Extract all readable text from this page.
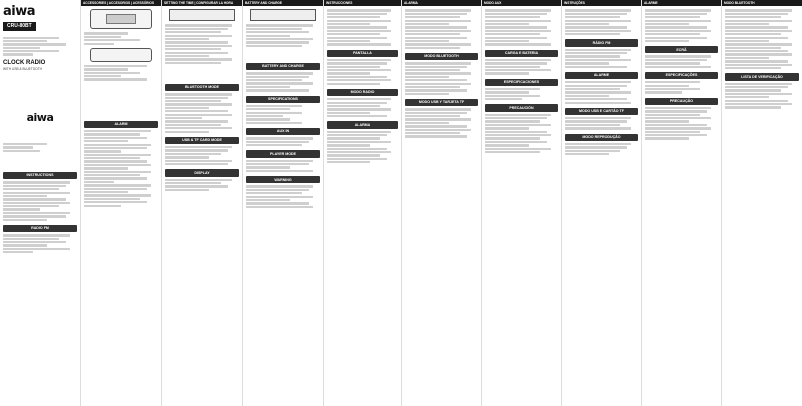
aiwa
CRU-80BT
CLOCK RADIO
WITH USB & BLUETOOTH
aiwa
INSTRUCTIONS
RADIO FM
ACCESSORIES | ACCESORIOS | ACESSÓRIOS
ALARM
SETTING THE TIME | CONFIGURAR LA HORA
BLUETOOTH MODE
USB & TF CARD MODE
DISPLAY
BATTERY AND CHARGE
BATTERY AND CHARGE
SPECIFICATIONS
AUX IN
PLAYER MODE
WARNING
INSTRUCCIONES
PANTALLA
MODO RADIO
ALARMA
ALARMA
MODO BLUETOOTH
MODO USB Y TARJETA TF
MODO AUX
CARGA E BATERIA
ESPECIFICACIONES
PRECAUCIÓN
INSTRUÇÕES
RÁDIO FM
ALARME
MODO USB E CARTÃO TF
MODO REPRODUÇÃO
ALARME
ECRÃ
ESPECIFICAÇÕES
PRECAUÇÃO
MODO BLUETOOTH
LISTA DE VERIFICAÇÃO
